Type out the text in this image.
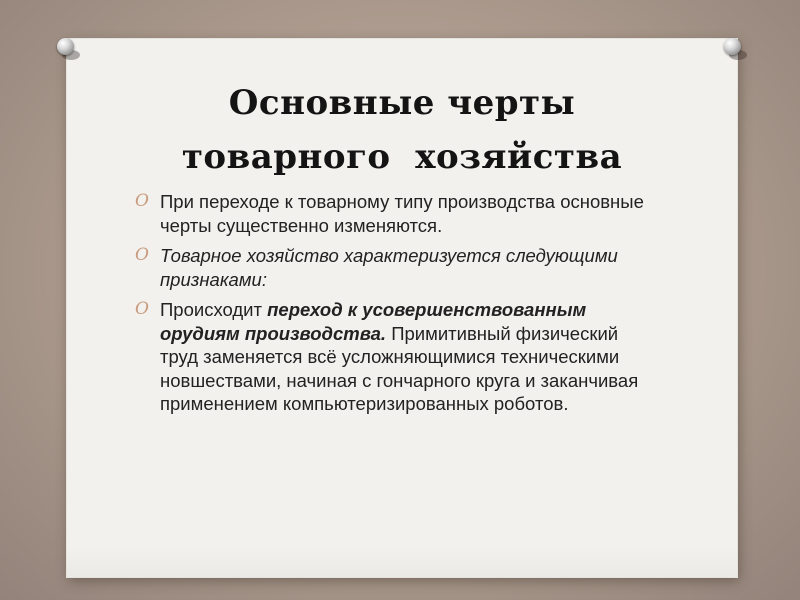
Основные черты
товарного  хозяйства
O При переходе к товарному типу производства основные черты существенно изменяются.
O Товарное хозяйство характеризуется следующими признаками:
O Происходит переход к усовершенствованным орудиям производства. Примитивный физический труд заменяется всё усложняющимися техническими новшествами, начиная с гончарного круга и заканчивая применением компьютеризированных роботов.
